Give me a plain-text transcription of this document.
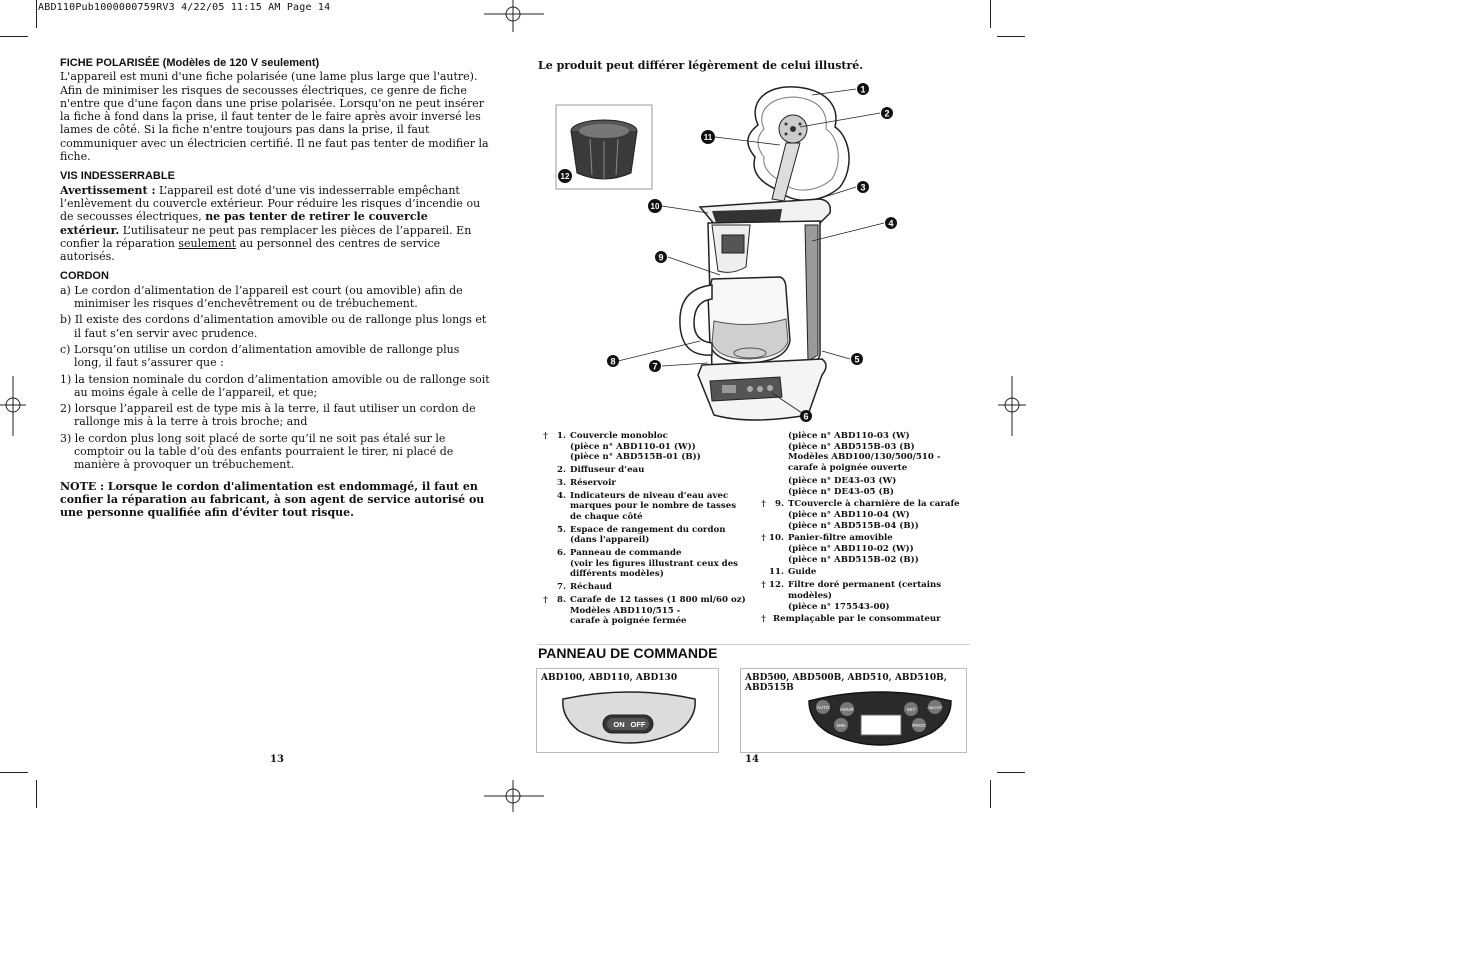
ABD110Pub1000000759RV3 4/22/05 11:15 AM Page 14
FICHE POLARISÉE (Modèles de 120 V seulement)

L'appareil est muni d'une fiche polarisée (une lame plus large que l'autre). Afin de minimiser les risques de secousses électriques, ce genre de fiche n'entre que d'une façon dans une prise polarisée. Lorsqu'on ne peut insérer la fiche à fond dans la prise, il faut tenter de le faire après avoir inversé les lames de côté. Si la fiche n'entre toujours pas dans la prise, il faut communiquer avec un électricien certifié. Il ne faut pas tenter de modifier la fiche.

VIS INDESSERRABLE

Avertissement : L’appareil est doté d’une vis indesserrable empêchant l’enlèvement du couvercle extérieur. Pour réduire les risques d’incendie ou de secousses électriques, ne pas tenter de retirer le couvercle extérieur. L’utilisateur ne peut pas remplacer les pièces de l’appareil. En confier la réparation seulement au personnel des centres de service autorisés.

CORDON
a) Le cordon d’alimentation de l’appareil est court (ou amovible) afin de minimiser les risques d’enchevêtrement ou de trébuchement.
b) Il existe des cordons d’alimentation amovible ou de rallonge plus longs et il faut s’en servir avec prudence.
c) Lorsqu’on utilise un cordon d’alimentation amovible de rallonge plus long, il faut s’assurer que :
1) la tension nominale du cordon d’alimentation amovible ou de rallonge soit au moins égale à celle de l’appareil, et que;
2) lorsque l’appareil est de type mis à la terre, il faut utiliser un cordon de rallonge mis à la terre à trois broche; and
3) le cordon plus long soit placé de sorte qu’il ne soit pas étalé sur le comptoir ou la table d’où des enfants pourraient le tirer, ni placé de manière à provoquer un trébuchement.

NOTE : Lorsque le cordon d'alimentation est endommagé, il faut en confier la réparation au fabricant, à son agent de service autorisé ou une personne qualifiée afin d'éviter tout risque.

Le produit peut différer légèrement de celui illustré.
1
2
3
4
5
6
7
8
9
10
11
12
†	1. Couvercle monobloc
(pièce n° ABD110-01 (W))
(pièce n° ABD515B-01 (B))
2. Diffuseur d’eau
3. Réservoir
4. Indicateurs de niveau d’eau avec
marques pour le nombre de tasses
de chaque côté
5. Espace de rangement du cordon
(dans l'appareil)
6. Panneau de commande
(voir les figures illustrant ceux des
différents modèles)
7. Réchaud
†	8. Carafe de 12 tasses (1 800 ml/60 oz)
Modèles ABD110/515 -
carafe à poignée fermée
(pièce n° ABD110-03 (W)
(pièce n° ABD515B-03 (B)
Modèles ABD100/130/500/510 -
carafe à poignée ouverte
(pièce n° DE43-03 (W)
(pièce n° DE43-05 (B)
†	9. TCouvercle à charnière de la carafe
(pièce n° ABD110-04 (W)
(pièce n° ABD515B-04 (B))
† 10. Panier-filtre amovible
(pièce n° ABD110-02 (W))
(pièce n° ABD515B-02 (B))
11. Guide
† 12. Filtre doré permanent (certains modèles)
(pièce n° 175543-00)
† Remplaçable par le consommateur
PANNEAU DE COMMANDE
ABD100, ABD110, ABD130
ON OFF
ABD500, ABD500B, ABD510, ABD510B, ABD515B
AUTO HOUR
MIN
SET	ON/OFF
PROG
13	14
